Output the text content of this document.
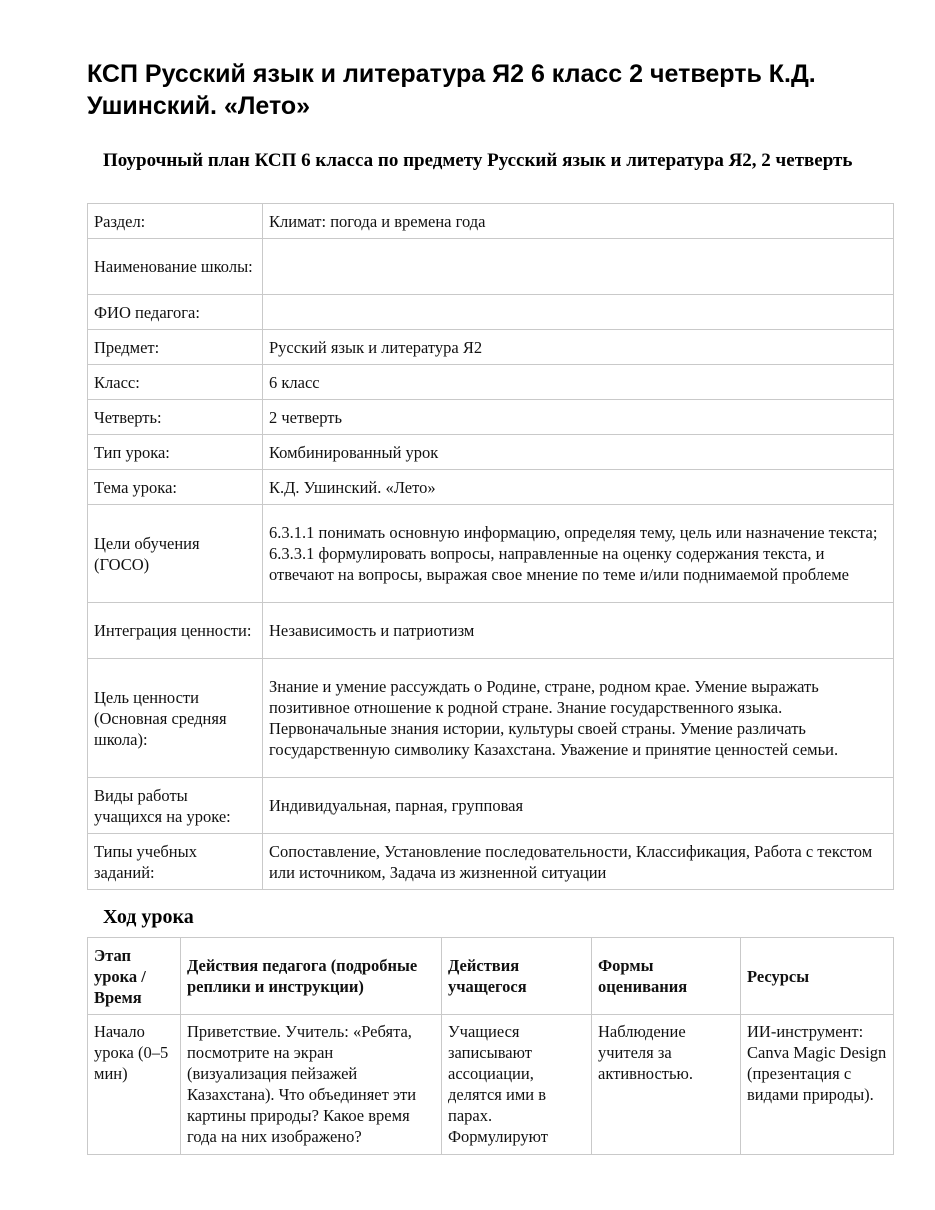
КСП Русский язык и литература Я2 6 класс 2 четверть К.Д. Ушинский. «Лето»
Поурочный план КСП 6 класса по предмету Русский язык и литература Я2, 2 четверть
Раздел:	Климат: погода и времена года
Наименование школы:	
ФИО педагога:	
Предмет:	Русский язык и литература Я2
Класс:	6 класс
Четверть:	2 четверть
Тип урока:	Комбинированный урок
Тема урока:	К.Д. Ушинский. «Лето»
Цели обучения (ГОСО)	6.3.1.1 понимать основную информацию, определяя тему, цель или назначение текста; 6.3.3.1 формулировать вопросы, направленные на оценку содержания текста, и отвечают на вопросы, выражая свое мнение по теме и/или поднимаемой проблеме
Интеграция ценности:	Независимость и патриотизм
Цель ценности (Основная средняя школа):	Знание и умение рассуждать о Родине, стране, родном крае. Умение выражать позитивное отношение к родной стране. Знание государственного языка. Первоначальные знания истории, культуры своей страны. Умение различать государственную символику Казахстана. Уважение и принятие ценностей семьи.
Виды работы учащихся на уроке:	Индивидуальная, парная, групповая
Типы учебных заданий:	Сопоставление, Установление последовательности, Классификация, Работа с текстом или источником, Задача из жизненной ситуации
Ход урока
Этап урока / Время	Действия педагога (подробные реплики и инструкции)	Действия учащегося	Формы оценивания	Ресурсы
Начало урока (0–5 мин)	Приветствие. Учитель: «Ребята, посмотрите на экран (визуализация пейзажей Казахстана). Что объединяет эти картины природы? Какое время года на них изображено?	Учащиеся записывают ассоциации, делятся ими в парах. Формулируют	Наблюдение учителя за активностью.	ИИ-инструмент: Canva Magic Design (презентация с видами природы).
